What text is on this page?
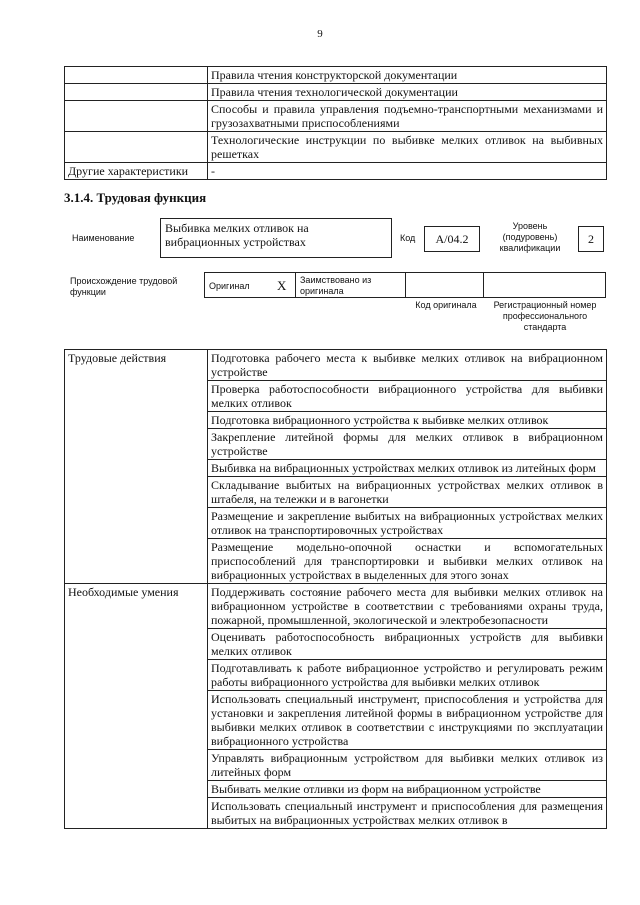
9
	Правила чтения конструкторской документации
	Правила чтения технологической документации
	Способы и правила управления подъемно-транспортными механизмами и грузозахватными приспособлениями
	Технологические инструкции по выбивке мелких отливок на выбивных решетках
Другие характеристики	-
3.1.4. Трудовая функция
Наименование
Выбивка мелких отливок на вибрационных устройствах	Код	А/04.2
Уровень (подуровень) квалификации
2
Происхождение трудовой функции
Оригинал X Заимствовано из оригинала
Код оригинала	Регистрационный номер профессионального стандарта
Трудовые действия	Подготовка рабочего места к выбивке мелких отливок на вибрационном устройстве
	Проверка работоспособности вибрационного устройства для выбивки мелких отливок
	Подготовка вибрационного устройства к выбивке мелких отливок
	Закрепление литейной формы для мелких отливок в вибрационном устройстве
	Выбивка на вибрационных устройствах мелких отливок из литейных форм
	Складывание выбитых на вибрационных устройствах мелких отливок в штабеля, на тележки и в вагонетки
	Размещение и закрепление выбитых на вибрационных устройствах мелких отливок на транспортировочных устройствах
	Размещение модельно-опочной оснастки и вспомогательных приспособлений для транспортировки и выбивки мелких отливок на вибрационных устройствах в выделенных для этого зонах
Необходимые умения	Поддерживать состояние рабочего места для выбивки мелких отливок на вибрационном устройстве в соответствии с требованиями охраны труда, пожарной, промышленной, экологической и электробезопасности
	Оценивать работоспособность вибрационных устройств для выбивки мелких отливок
	Подготавливать к работе вибрационное устройство и регулировать режим работы вибрационного устройства для выбивки мелких отливок
	Использовать специальный инструмент, приспособления и устройства для установки и закрепления литейной формы в вибрационном устройстве для выбивки мелких отливок в соответствии с инструкциями по эксплуатации вибрационного устройства
	Управлять вибрационным устройством для выбивки мелких отливок из литейных форм
	Выбивать мелкие отливки из форм на вибрационном устройстве
	Использовать специальный инструмент и приспособления для размещения выбитых на вибрационных устройствах мелких отливок в
